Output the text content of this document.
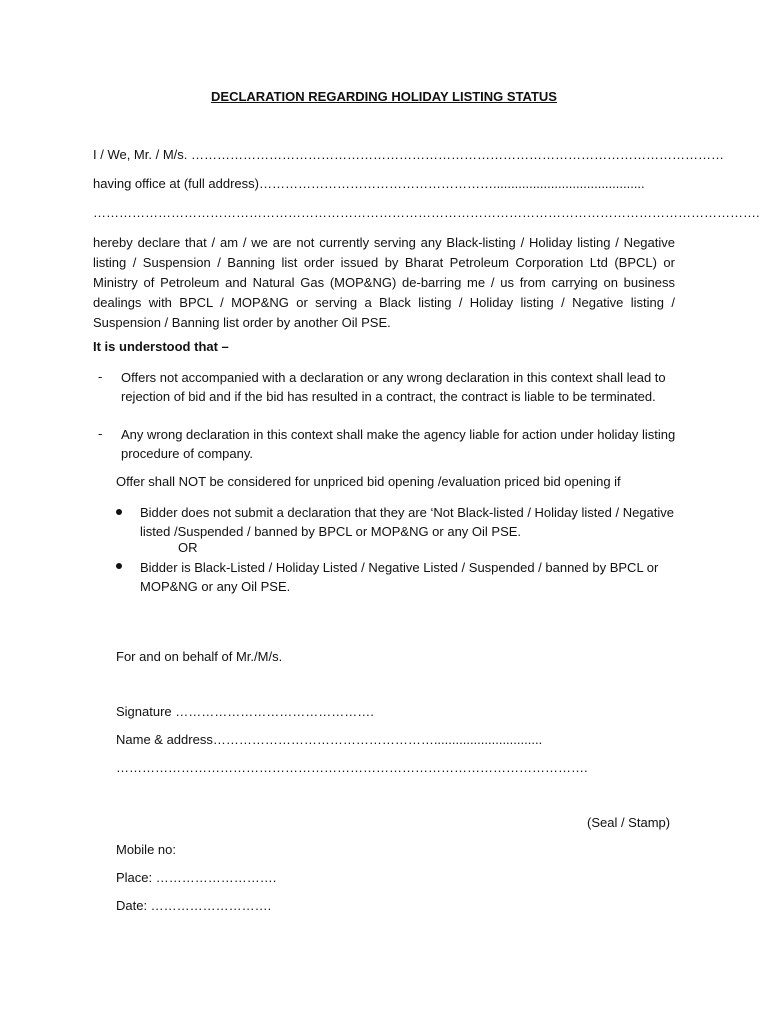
DECLARATION REGARDING HOLIDAY LISTING STATUS
I / We, Mr. / M/s. ……………………………………………………………………………………………………………
having office at (full address)………………………………………………..........................................
……………………………………………………………………………………………………………………………………….
hereby declare that / am / we are not currently serving any Black-listing / Holiday listing / Negative listing / Suspension / Banning list order issued by Bharat Petroleum Corporation Ltd (BPCL) or Ministry of Petroleum and Natural Gas (MOP&NG) de-barring me / us from carrying on business dealings with BPCL / MOP&NG or serving a Black listing / Holiday listing / Negative listing / Suspension / Banning list order by another Oil PSE.
It is understood that –
- Offers not accompanied with a declaration or any wrong declaration in this context shall lead to rejection of bid and if the bid has resulted in a contract, the contract is liable to be terminated.
- Any wrong declaration in this context shall make the agency liable for action under holiday listing procedure of company.
Offer shall NOT be considered for unpriced bid opening /evaluation priced bid opening if
Bidder does not submit a declaration that they are ‘Not Black-listed / Holiday listed / Negative listed /Suspended / banned by BPCL or MOP&NG or any Oil PSE.
OR
Bidder is Black-Listed / Holiday Listed / Negative Listed / Suspended / banned by BPCL or MOP&NG or any Oil PSE.
For and on behalf of Mr./M/s.
Signature ……………………………………….
Name & address……………………………………………..............................
……………………………………………………………………………………………….
(Seal / Stamp)
Mobile no:
Place: ……………………….
Date: ……………………….
